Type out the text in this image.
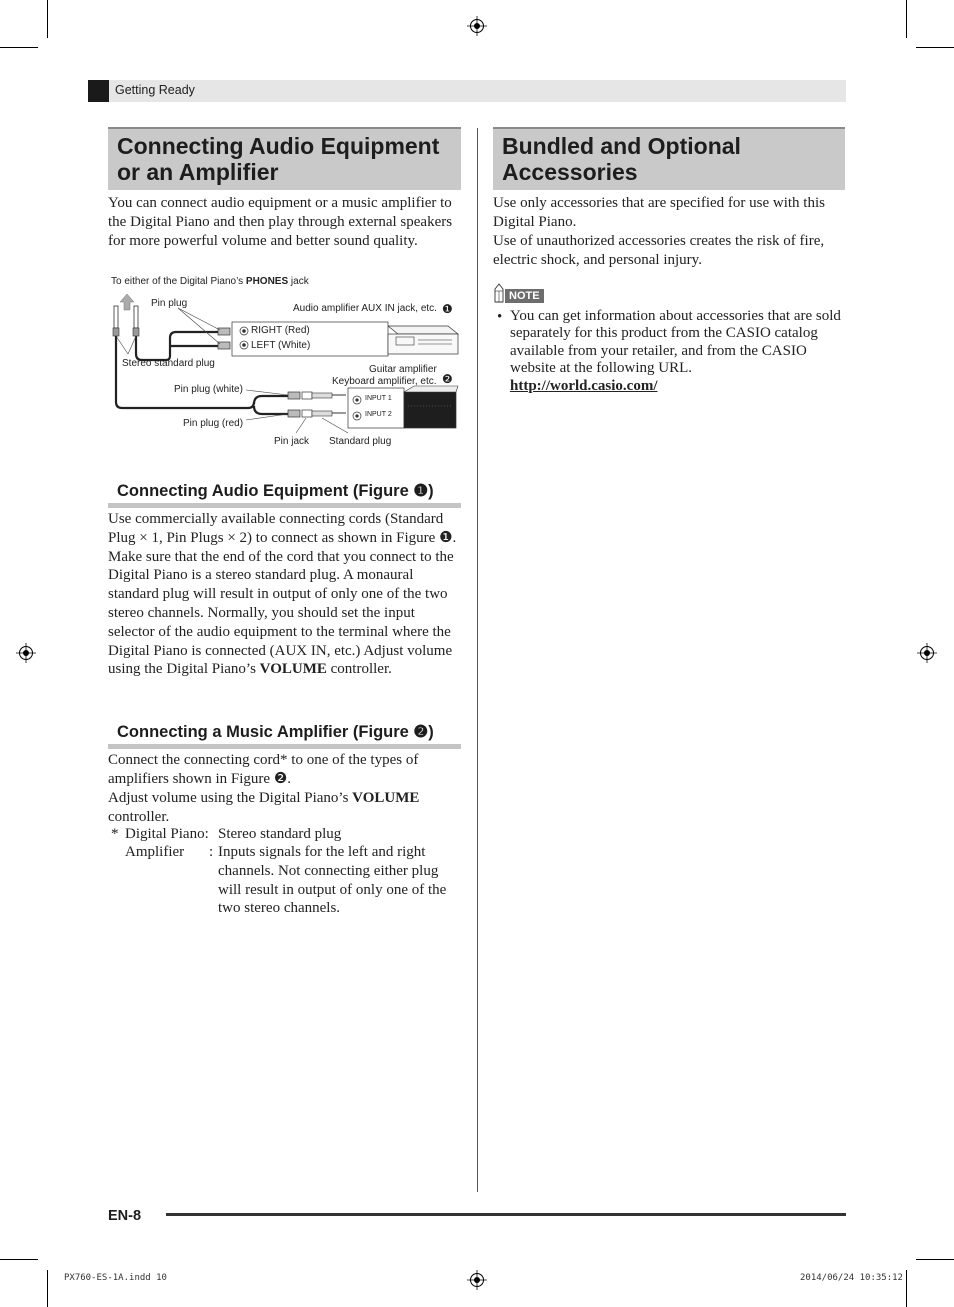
Getting Ready
Connecting Audio Equipment
or an Amplifier
You can connect audio equipment or a music amplifier to the Digital Piano and then play through external speakers for more powerful volume and better sound quality.
To either of the Digital Piano’s PHONES jack
Pin plug	Audio amplifier AUX IN jack, etc. ❶
RIGHT (Red)
LEFT (White)
Stereo standard plug
Guitar amplifier
Keyboard amplifier, etc. ❷
Pin plug (white)
INPUT 1
INPUT 2
Pin plug (red)
Pin jack Standard plug
Connecting Audio Equipment (Figure ❶)
Use commercially available connecting cords (Standard Plug × 1, Pin Plugs × 2) to connect as shown in Figure ❶. Make sure that the end of the cord that you connect to the Digital Piano is a stereo standard plug. A monaural standard plug will result in output of only one of the two stereo channels. Normally, you should set the input selector of the audio equipment to the terminal where the Digital Piano is connected (AUX IN, etc.) Adjust volume using the Digital Piano’s VOLUME controller.
Connecting a Music Amplifier (Figure ❷)
Connect the connecting cord* to one of the types of amplifiers shown in Figure ❷.
Adjust volume using the Digital Piano’s VOLUME controller.
* Digital Piano: Stereo standard plug
Amplifier : Inputs signals for the left and right channels. Not connecting either plug will result in output of only one of the two stereo channels.
Bundled and Optional
Accessories
Use only accessories that are specified for use with this Digital Piano.
Use of unauthorized accessories creates the risk of fire, electric shock, and personal injury.
NOTE
• You can get information about accessories that are sold separately for this product from the CASIO catalog available from your retailer, and from the CASIO website at the following URL.
http://world.casio.com/
EN-8
PX760-ES-1A.indd 10	2014/06/24 10:35:12
